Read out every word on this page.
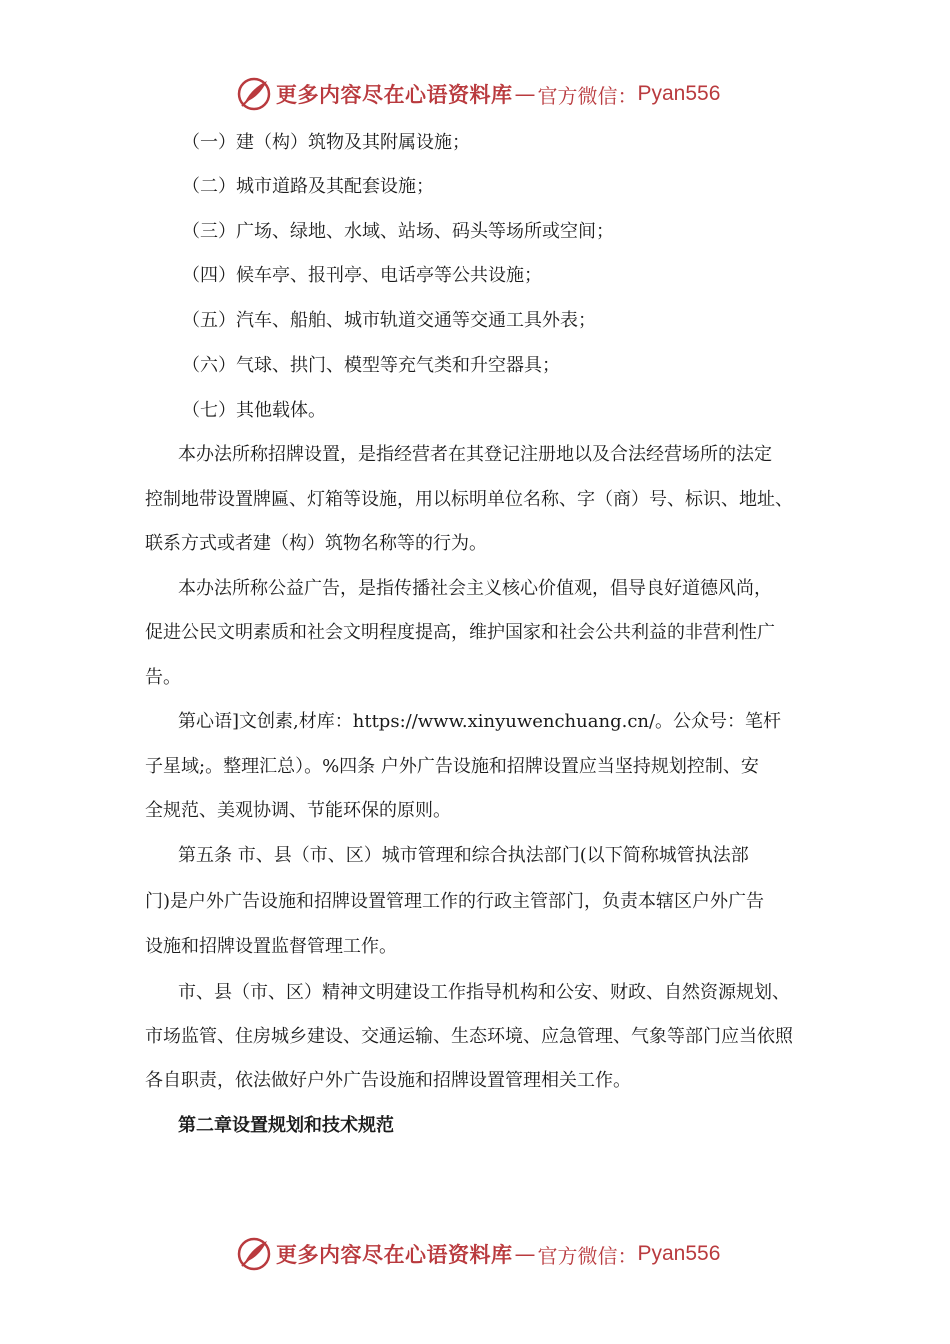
更多内容尽在心语资料库 — 官方微信： Pyan556
（一）建（构）筑物及其附属设施；
（二）城市道路及其配套设施；
（三）广场、绿地、水域、站场、码头等场所或空间；
（四）候车亭、报刊亭、电话亭等公共设施；
（五）汽车、船舶、城市轨道交通等交通工具外表；
（六）气球、拱门、模型等充气类和升空器具；
（七）其他载体。
本办法所称招牌设置，是指经营者在其登记注册地以及合法经营场所的法定
控制地带设置牌匾、灯箱等设施，用以标明单位名称、字（商）号、标识、地址、
联系方式或者建（构）筑物名称等的行为。
本办法所称公益广告，是指传播社会主义核心价值观，倡导良好道德风尚，
促进公民文明素质和社会文明程度提高，维护国家和社会公共利益的非营利性广
告。
第心语]文创素,材库：https://www.xinyuwenchuang.cn/。公众号：笔杆
子星域;。整理汇总）。%四条 户外广告设施和招牌设置应当坚持规划控制、安
全规范、美观协调、节能环保的原则。
第五条 市、县（市、区）城市管理和综合执法部门(以下简称城管执法部
门)是户外广告设施和招牌设置管理工作的行政主管部门，负责本辖区户外广告
设施和招牌设置监督管理工作。
市、县（市、区）精神文明建设工作指导机构和公安、财政、自然资源规划、
市场监管、住房城乡建设、交通运输、生态环境、应急管理、气象等部门应当依照
各自职责，依法做好户外广告设施和招牌设置管理相关工作。
第二章设置规划和技术规范
更多内容尽在心语资料库 — 官方微信： Pyan556
